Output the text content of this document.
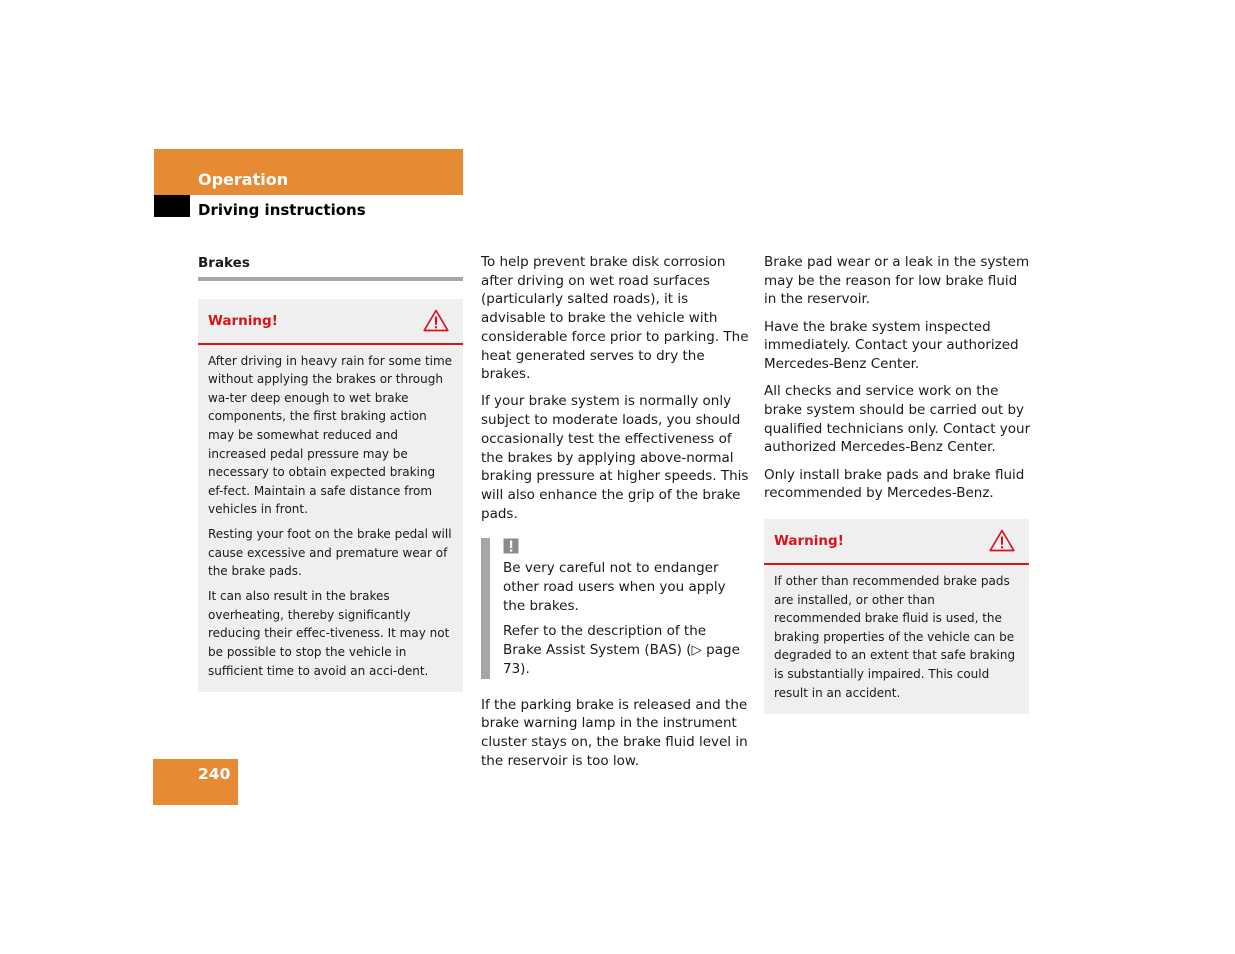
Operation
Driving instructions
Brakes
Warning!

After driving in heavy rain for some time without applying the brakes or through wa-ter deep enough to wet brake components, the first braking action may be somewhat reduced and increased pedal pressure may be necessary to obtain expected braking ef-fect. Maintain a safe distance from vehicles in front.

Resting your foot on the brake pedal will cause excessive and premature wear of the brake pads.

It can also result in the brakes overheating, thereby significantly reducing their effec-tiveness. It may not be possible to stop the vehicle in sufficient time to avoid an acci-dent.

To help prevent brake disk corrosion after driving on wet road surfaces (particularly salted roads), it is advisable to brake the vehicle with considerable force prior to parking. The heat generated serves to dry the brakes.

If your brake system is normally only subject to moderate loads, you should occasionally test the effectiveness of the brakes by applying above-normal braking pressure at higher speeds. This will also enhance the grip of the brake pads.

Be very careful not to endanger other road users when you apply the brakes.

Refer to the description of the Brake Assist System (BAS) (▷ page 73).

If the parking brake is released and the brake warning lamp in the instrument cluster stays on, the brake fluid level in the reservoir is too low.

Brake pad wear or a leak in the system may be the reason for low brake fluid in the reservoir.

Have the brake system inspected immediately. Contact your authorized Mercedes-Benz Center.

All checks and service work on the brake system should be carried out by qualified technicians only. Contact your authorized Mercedes-Benz Center.

Only install brake pads and brake fluid recommended by Mercedes-Benz.

Warning!

If other than recommended brake pads are installed, or other than recommended brake fluid is used, the braking properties of the vehicle can be degraded to an extent that safe braking is substantially impaired. This could result in an accident.

240
